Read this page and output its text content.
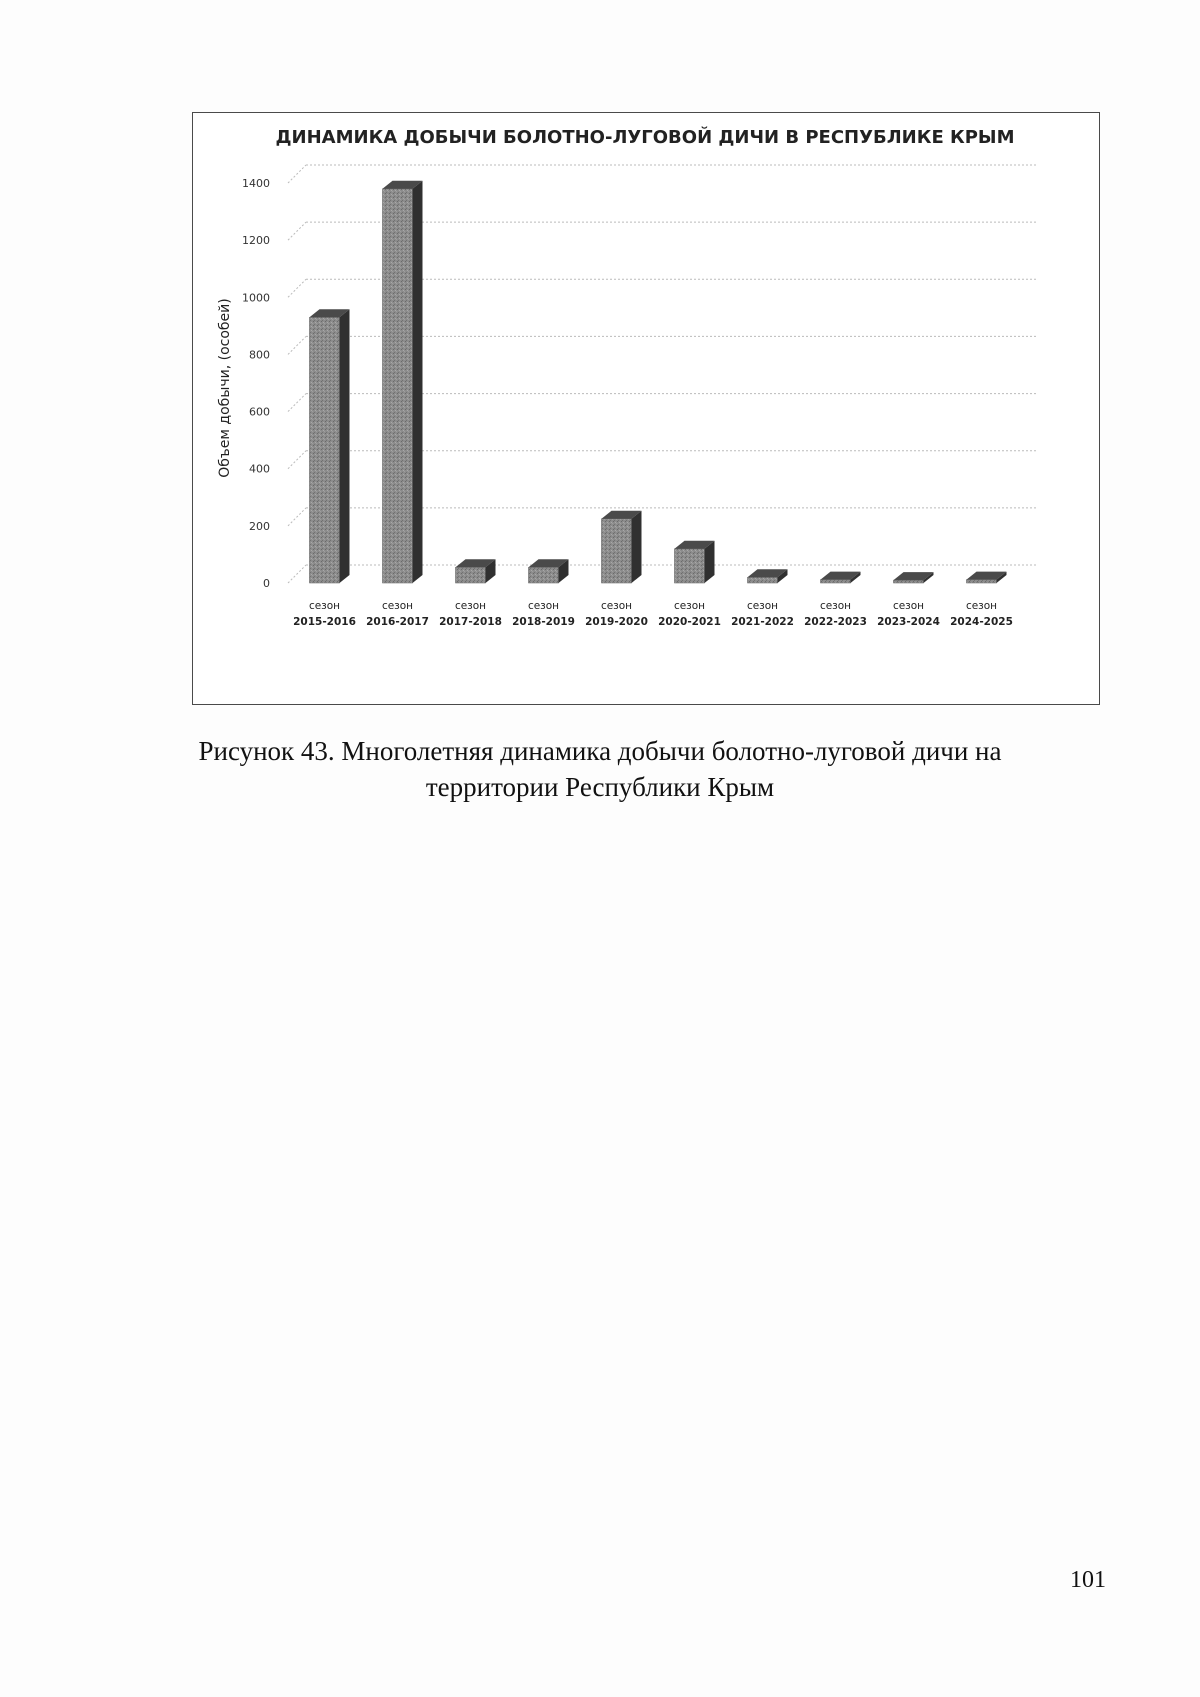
ДИНАМИКА ДОБЫЧИ БОЛОТНО-ЛУГОВОЙ ДИЧИ В РЕСПУБЛИКЕ КРЫМ
Объем добычи, (особей)
0
200
400
600
800
1000
1200
1400
сезон
2015-2016
сезон
2016-2017
сезон
2017-2018
сезон
2018-2019
сезон
2019-2020
сезон
2020-2021
сезон
2021-2022
сезон
2022-2023
сезон
2023-2024
сезон
2024-2025
Рисунок 43. Многолетняя динамика добычи болотно-луговой дичи на
территории Республики Крым
101
